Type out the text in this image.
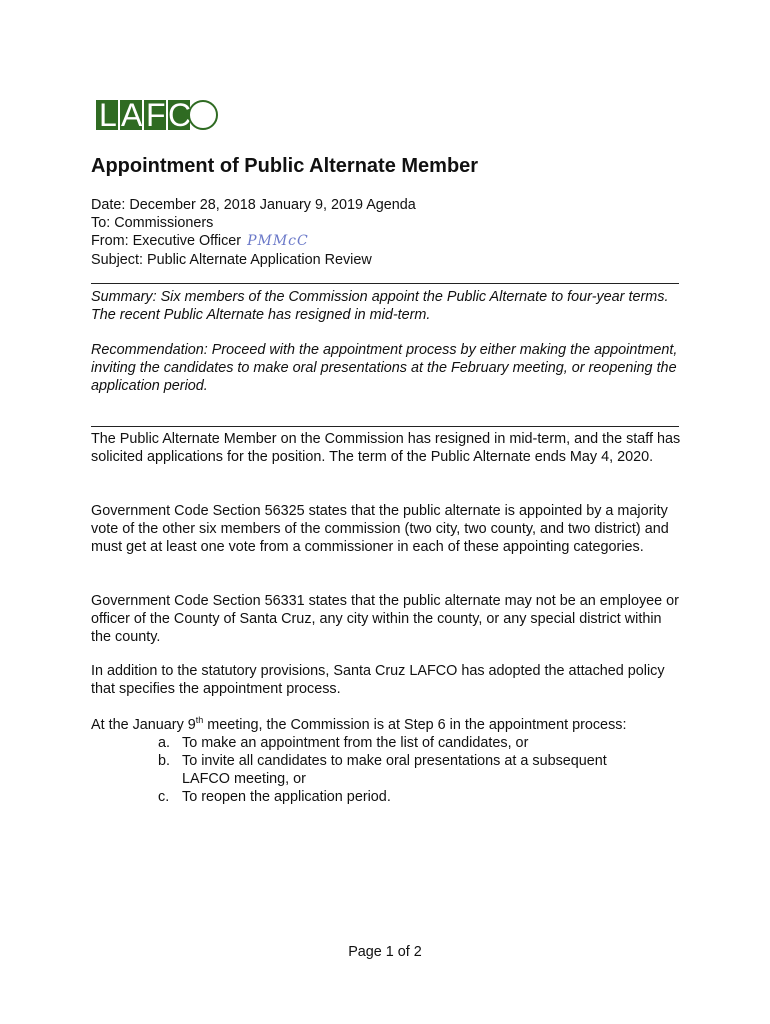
L A F C
Appointment of Public Alternate Member
Date: December 28, 2018 January 9, 2019 Agenda
To: Commissioners
From: Executive Officer PMMcC
Subject: Public Alternate Application Review

Summary: Six members of the Commission appoint the Public Alternate to four-year terms. The recent Public Alternate has resigned in mid-term.

Recommendation: Proceed with the appointment process by either making the appointment, inviting the candidates to make oral presentations at the February meeting, or reopening the application period.

The Public Alternate Member on the Commission has resigned in mid-term, and the staff has solicited applications for the position. The term of the Public Alternate ends May 4, 2020.

Government Code Section 56325 states that the public alternate is appointed by a majority vote of the other six members of the commission (two city, two county, and two district) and must get at least one vote from a commissioner in each of these appointing categories.

Government Code Section 56331 states that the public alternate may not be an employee or officer of the County of Santa Cruz, any city within the county, or any special district within the county.

In addition to the statutory provisions, Santa Cruz LAFCO has adopted the attached policy that specifies the appointment process.

At the January 9th meeting, the Commission is at Step 6 in the appointment process:

a. To make an appointment from the list of candidates, or
b. To invite all candidates to make oral presentations at a subsequent LAFCO meeting, or
c. To reopen the application period.
Page 1 of 2
